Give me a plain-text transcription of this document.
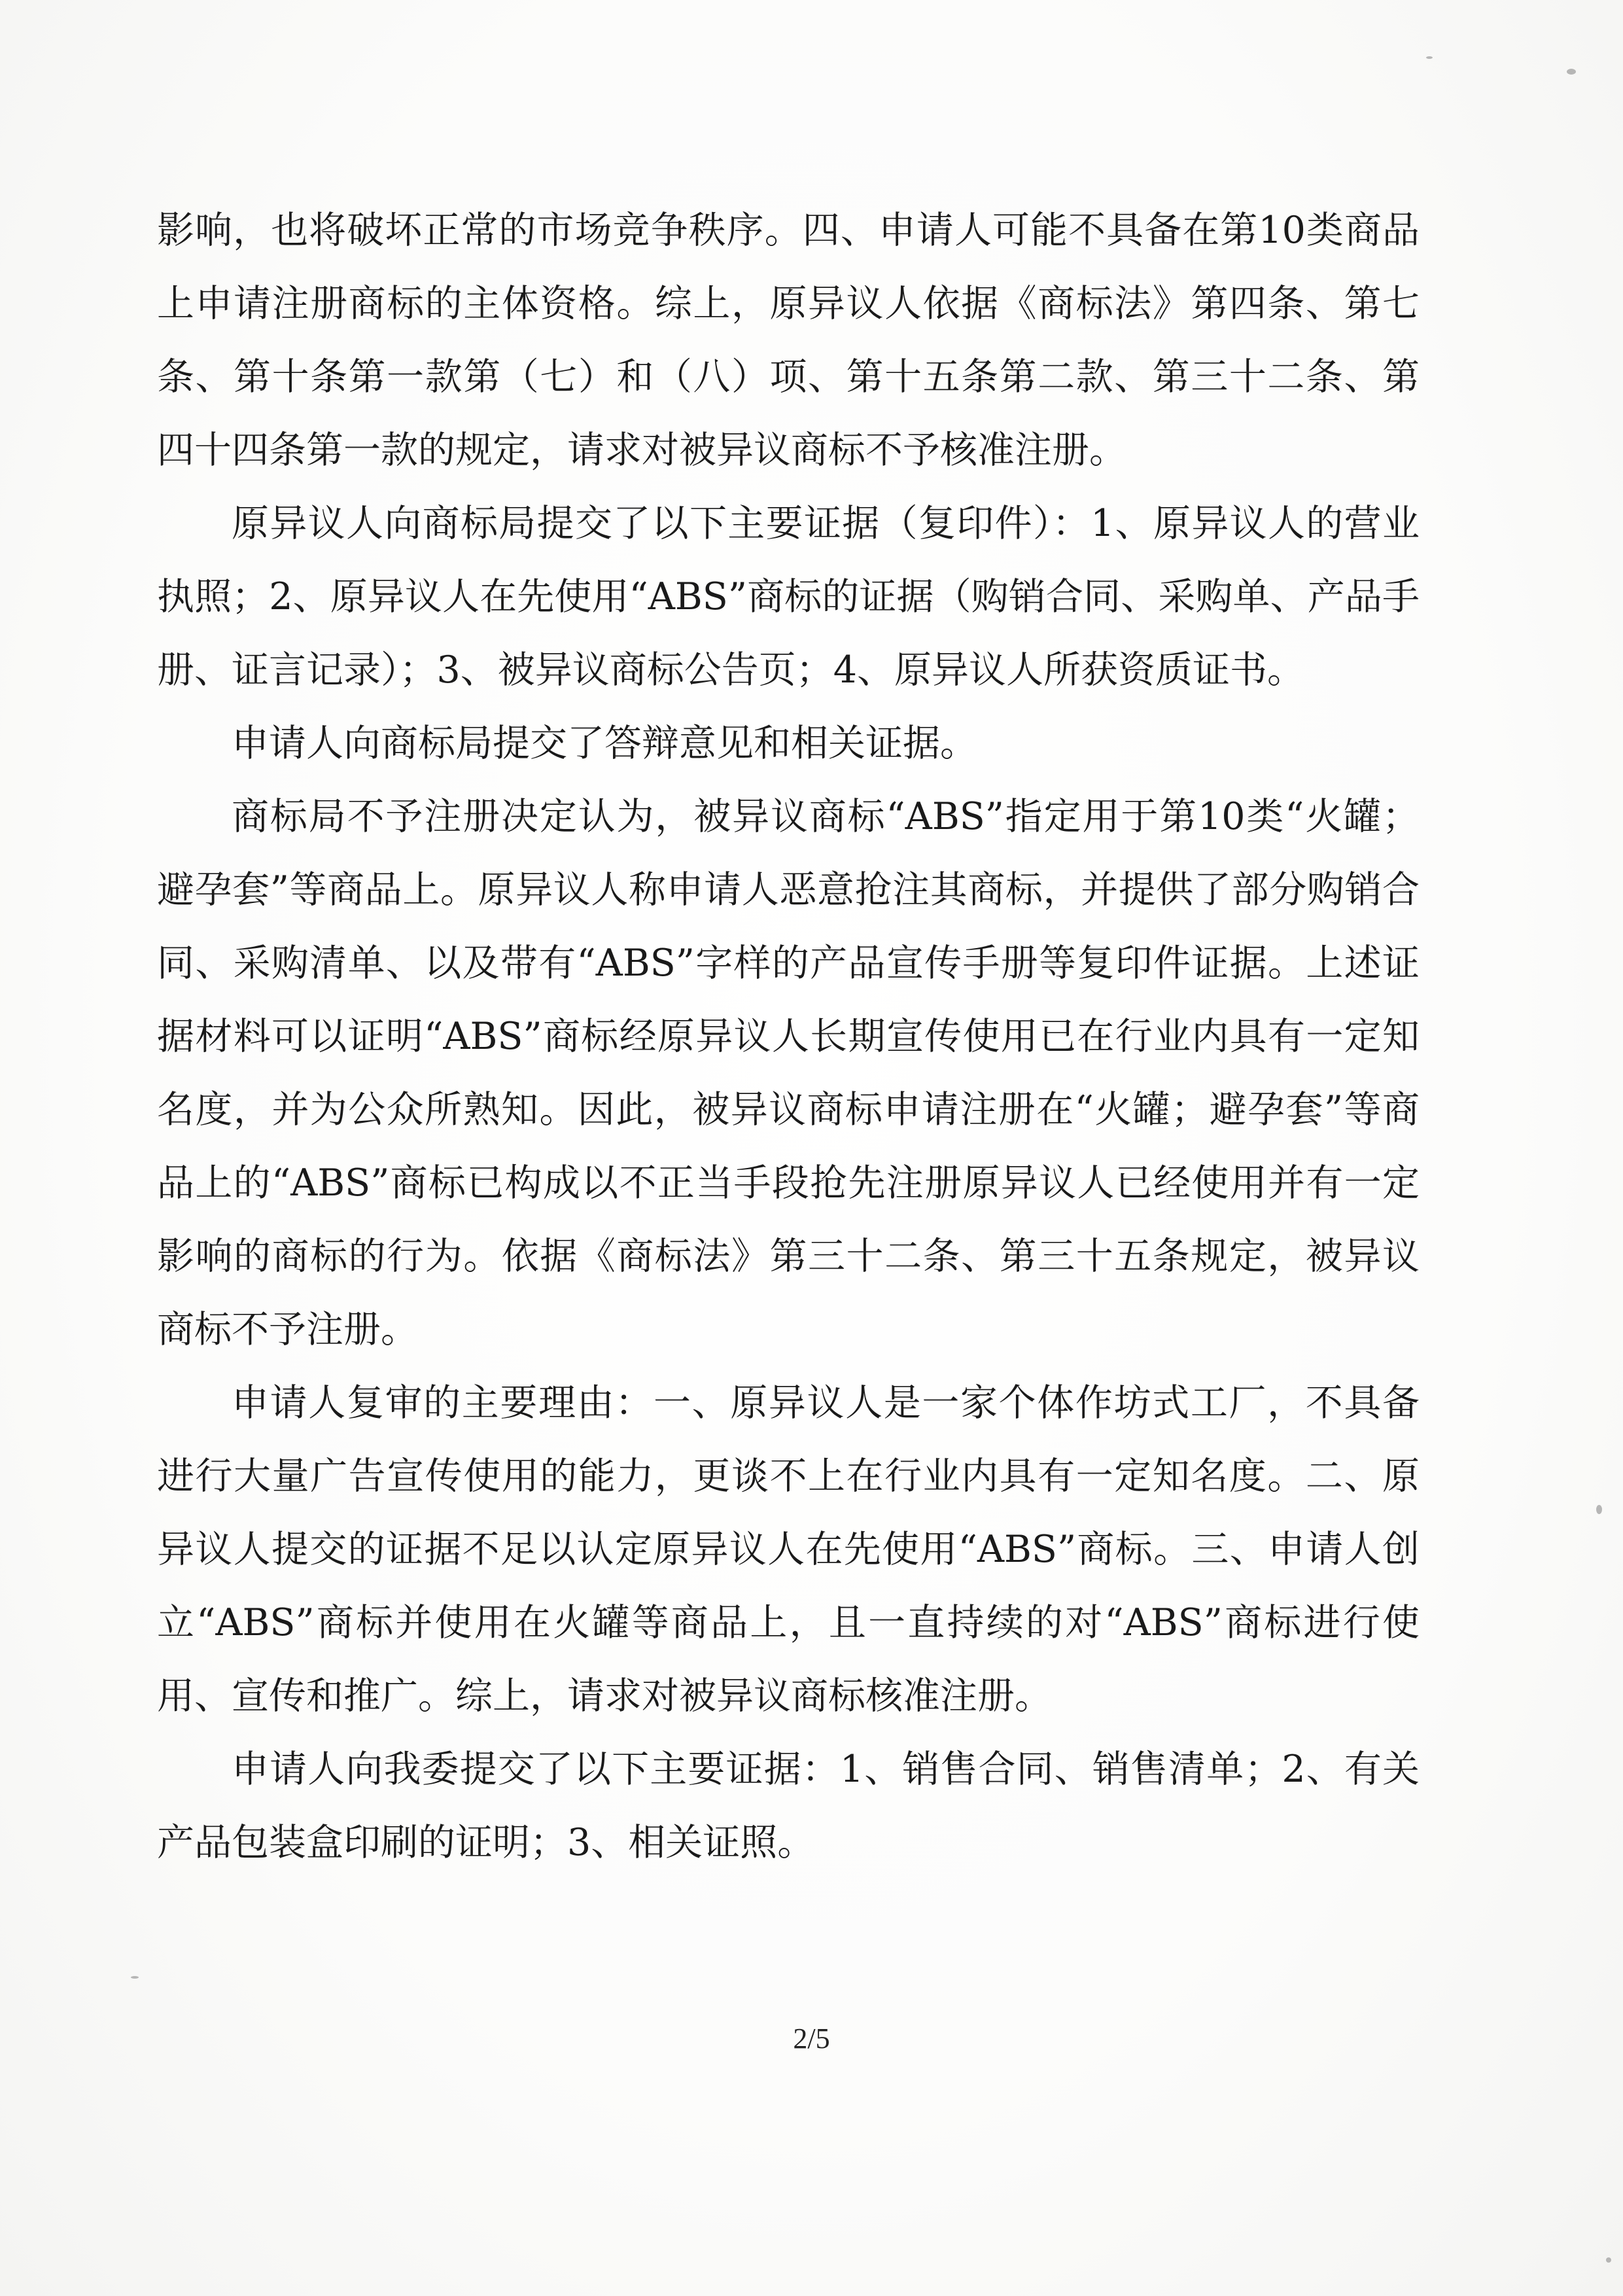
影响，也将破坏正常的市场竞争秩序。四、申请人可能不具备在第10类商品上申请注册商标的主体资格。综上，原异议人依据《商标法》第四条、第七条、第十条第一款第（七）和（八）项、第十五条第二款、第三十二条、第四十四条第一款的规定，请求对被异议商标不予核准注册。

原异议人向商标局提交了以下主要证据（复印件）：1、原异议人的营业执照；2、原异议人在先使用“ABS”商标的证据（购销合同、采购单、产品手册、证言记录）；3、被异议商标公告页；4、原异议人所获资质证书。

申请人向商标局提交了答辩意见和相关证据。

商标局不予注册决定认为，被异议商标“ABS”指定用于第10类“火罐；避孕套”等商品上。原异议人称申请人恶意抢注其商标，并提供了部分购销合同、采购清单、以及带有“ABS”字样的产品宣传手册等复印件证据。上述证据材料可以证明“ABS”商标经原异议人长期宣传使用已在行业内具有一定知名度，并为公众所熟知。因此，被异议商标申请注册在“火罐；避孕套”等商品上的“ABS”商标已构成以不正当手段抢先注册原异议人已经使用并有一定影响的商标的行为。依据《商标法》第三十二条、第三十五条规定，被异议商标不予注册。

申请人复审的主要理由：一、原异议人是一家个体作坊式工厂，不具备进行大量广告宣传使用的能力，更谈不上在行业内具有一定知名度。二、原异议人提交的证据不足以认定原异议人在先使用“ABS”商标。三、申请人创立“ABS”商标并使用在火罐等商品上，且一直持续的对“ABS”商标进行使用、宣传和推广。综上，请求对被异议商标核准注册。

申请人向我委提交了以下主要证据：1、销售合同、销售清单；2、有关产品包装盒印刷的证明；3、相关证照。

2/5
